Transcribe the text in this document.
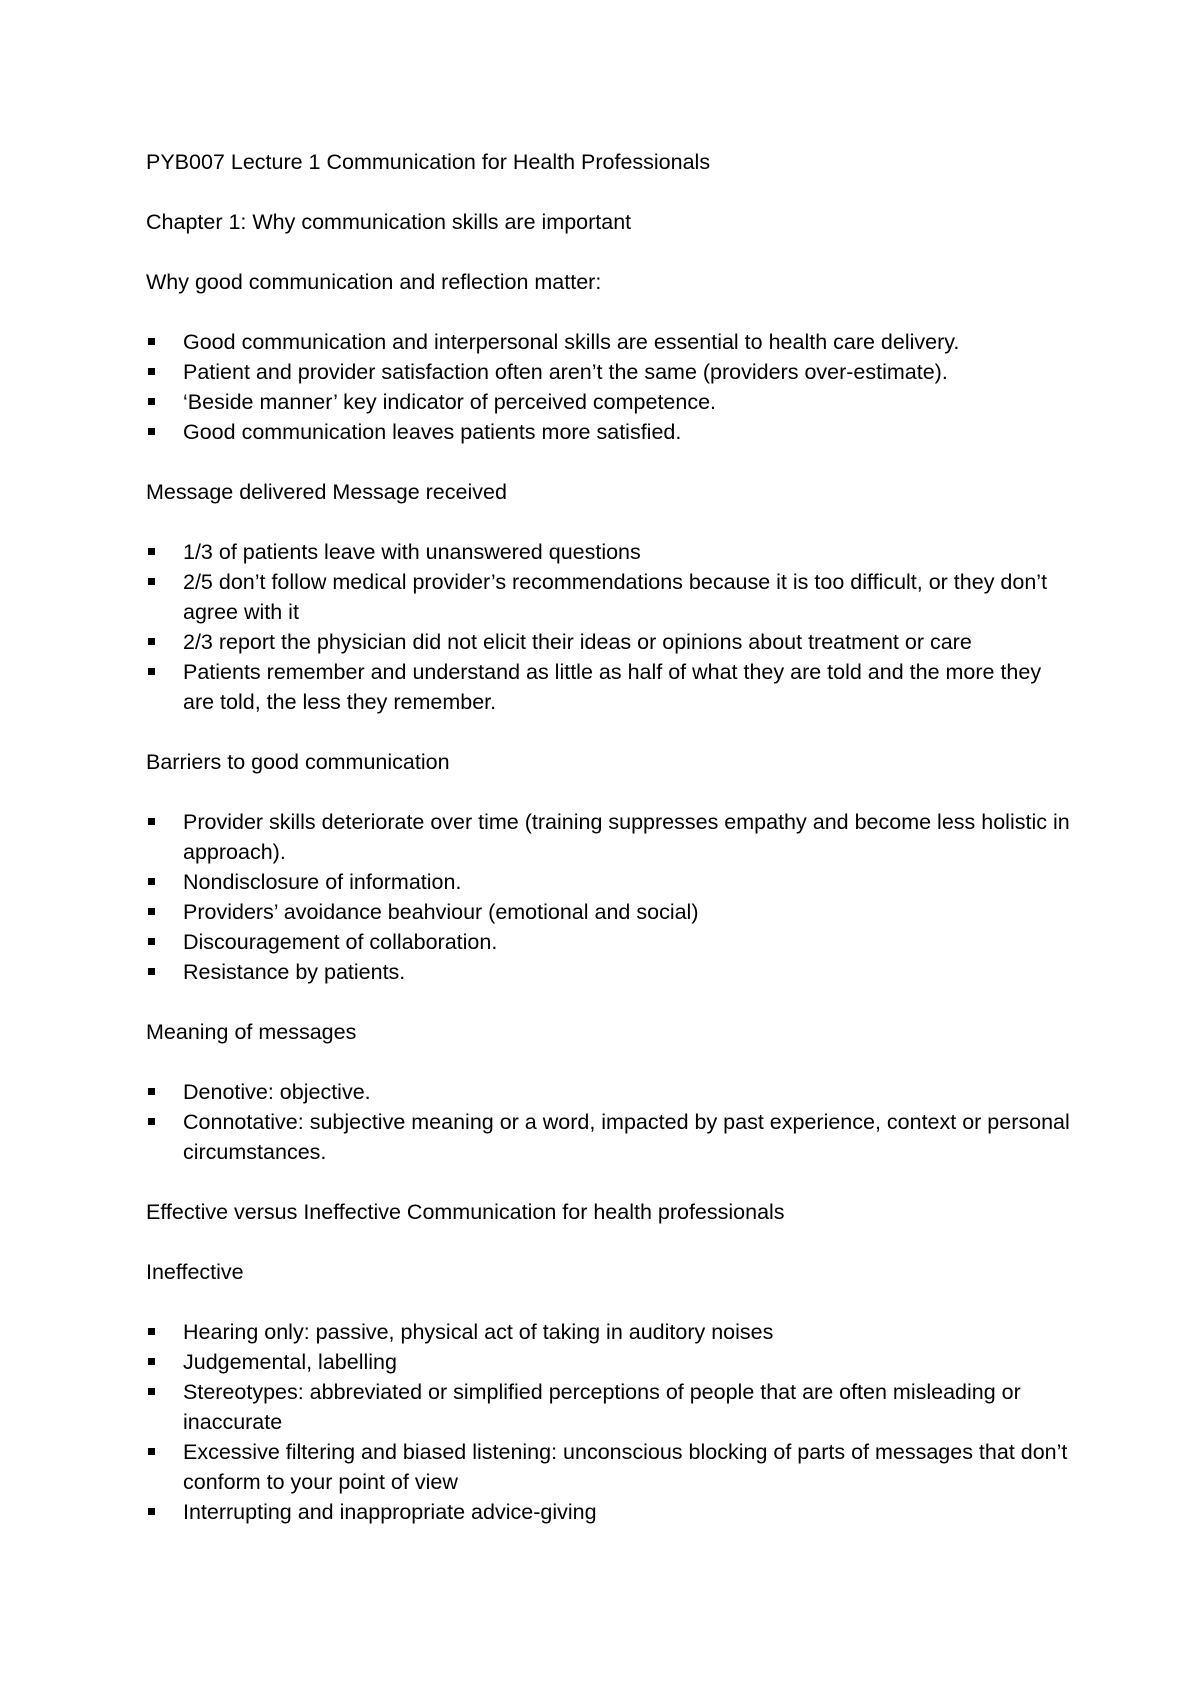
PYB007 Lecture 1 Communication for Health Professionals

Chapter 1: Why communication skills are important

Why good communication and reflection matter:

Good communication and interpersonal skills are essential to health care delivery.
Patient and provider satisfaction often aren’t the same (providers over-estimate).
‘Beside manner’ key indicator of perceived competence.
Good communication leaves patients more satisfied.

Message delivered Message received

1/3 of patients leave with unanswered questions
2/5 don’t follow medical provider’s recommendations because it is too difficult, or they don’t agree with it
2/3 report the physician did not elicit their ideas or opinions about treatment or care
Patients remember and understand as little as half of what they are told and the more they are told, the less they remember.

Barriers to good communication

Provider skills deteriorate over time (training suppresses empathy and become less holistic in approach).
Nondisclosure of information.
Providers’ avoidance beahviour (emotional and social)
Discouragement of collaboration.
Resistance by patients.

Meaning of messages

Denotive: objective.
Connotative: subjective meaning or a word, impacted by past experience, context or personal circumstances.

Effective versus Ineffective Communication for health professionals

Ineffective

Hearing only: passive, physical act of taking in auditory noises
Judgemental, labelling
Stereotypes: abbreviated or simplified perceptions of people that are often misleading or inaccurate
Excessive filtering and biased listening: unconscious blocking of parts of messages that don’t conform to your point of view
Interrupting and inappropriate advice-giving
